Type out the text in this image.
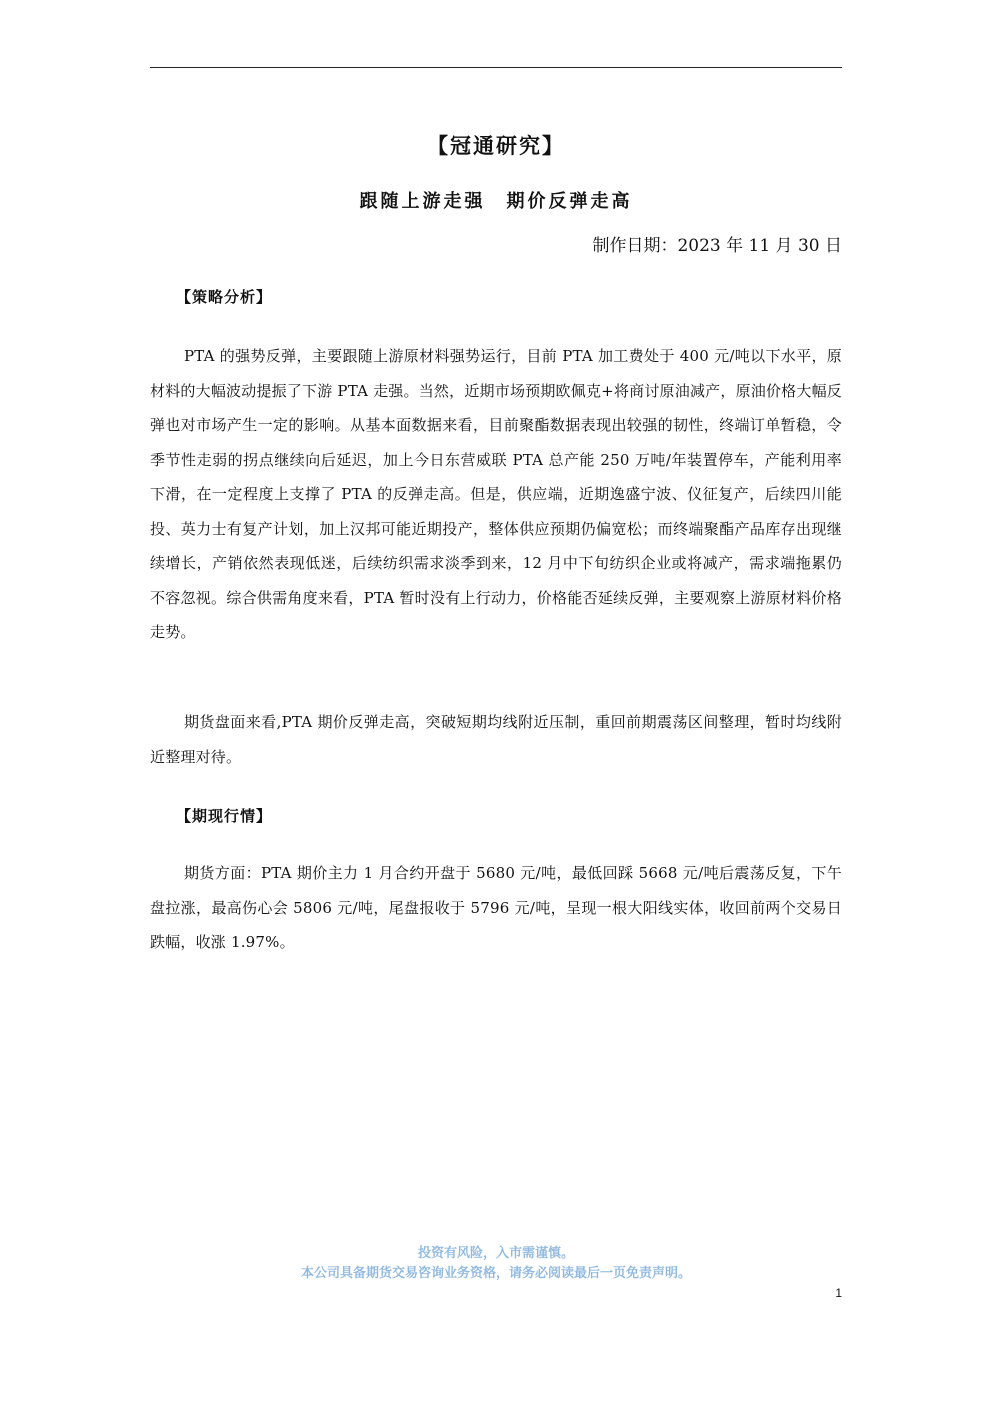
【冠通研究】
跟随上游走强　期价反弹走高
制作日期：2023 年 11 月 30 日
【策略分析】

PTA 的强势反弹，主要跟随上游原材料强势运行，目前 PTA 加工费处于 400 元/吨以下水平，原材料的大幅波动提振了下游 PTA 走强。当然，近期市场预期欧佩克+将商讨原油减产，原油价格大幅反弹也对市场产生一定的影响。从基本面数据来看，目前聚酯数据表现出较强的韧性，终端订单暂稳，令季节性走弱的拐点继续向后延迟，加上今日东营威联 PTA 总产能 250 万吨/年装置停车，产能利用率下滑，在一定程度上支撑了 PTA 的反弹走高。但是，供应端，近期逸盛宁波、仪征复产，后续四川能投、英力士有复产计划，加上汉邦可能近期投产，整体供应预期仍偏宽松；而终端聚酯产品库存出现继续增长，产销依然表现低迷，后续纺织需求淡季到来，12 月中下旬纺织企业或将减产，需求端拖累仍不容忽视。综合供需角度来看，PTA 暂时没有上行动力，价格能否延续反弹，主要观察上游原材料价格走势。

期货盘面来看,PTA 期价反弹走高，突破短期均线附近压制，重回前期震荡区间整理，暂时均线附近整理对待。

【期现行情】

期货方面：PTA 期价主力 1 月合约开盘于 5680 元/吨，最低回踩 5668 元/吨后震荡反复，下午盘拉涨，最高伤心会 5806 元/吨，尾盘报收于 5796 元/吨，呈现一根大阳线实体，收回前两个交易日跌幅，收涨 1.97%。

投资有风险，入市需谨慎。
本公司具备期货交易咨询业务资格，请务必阅读最后一页免责声明。
1
